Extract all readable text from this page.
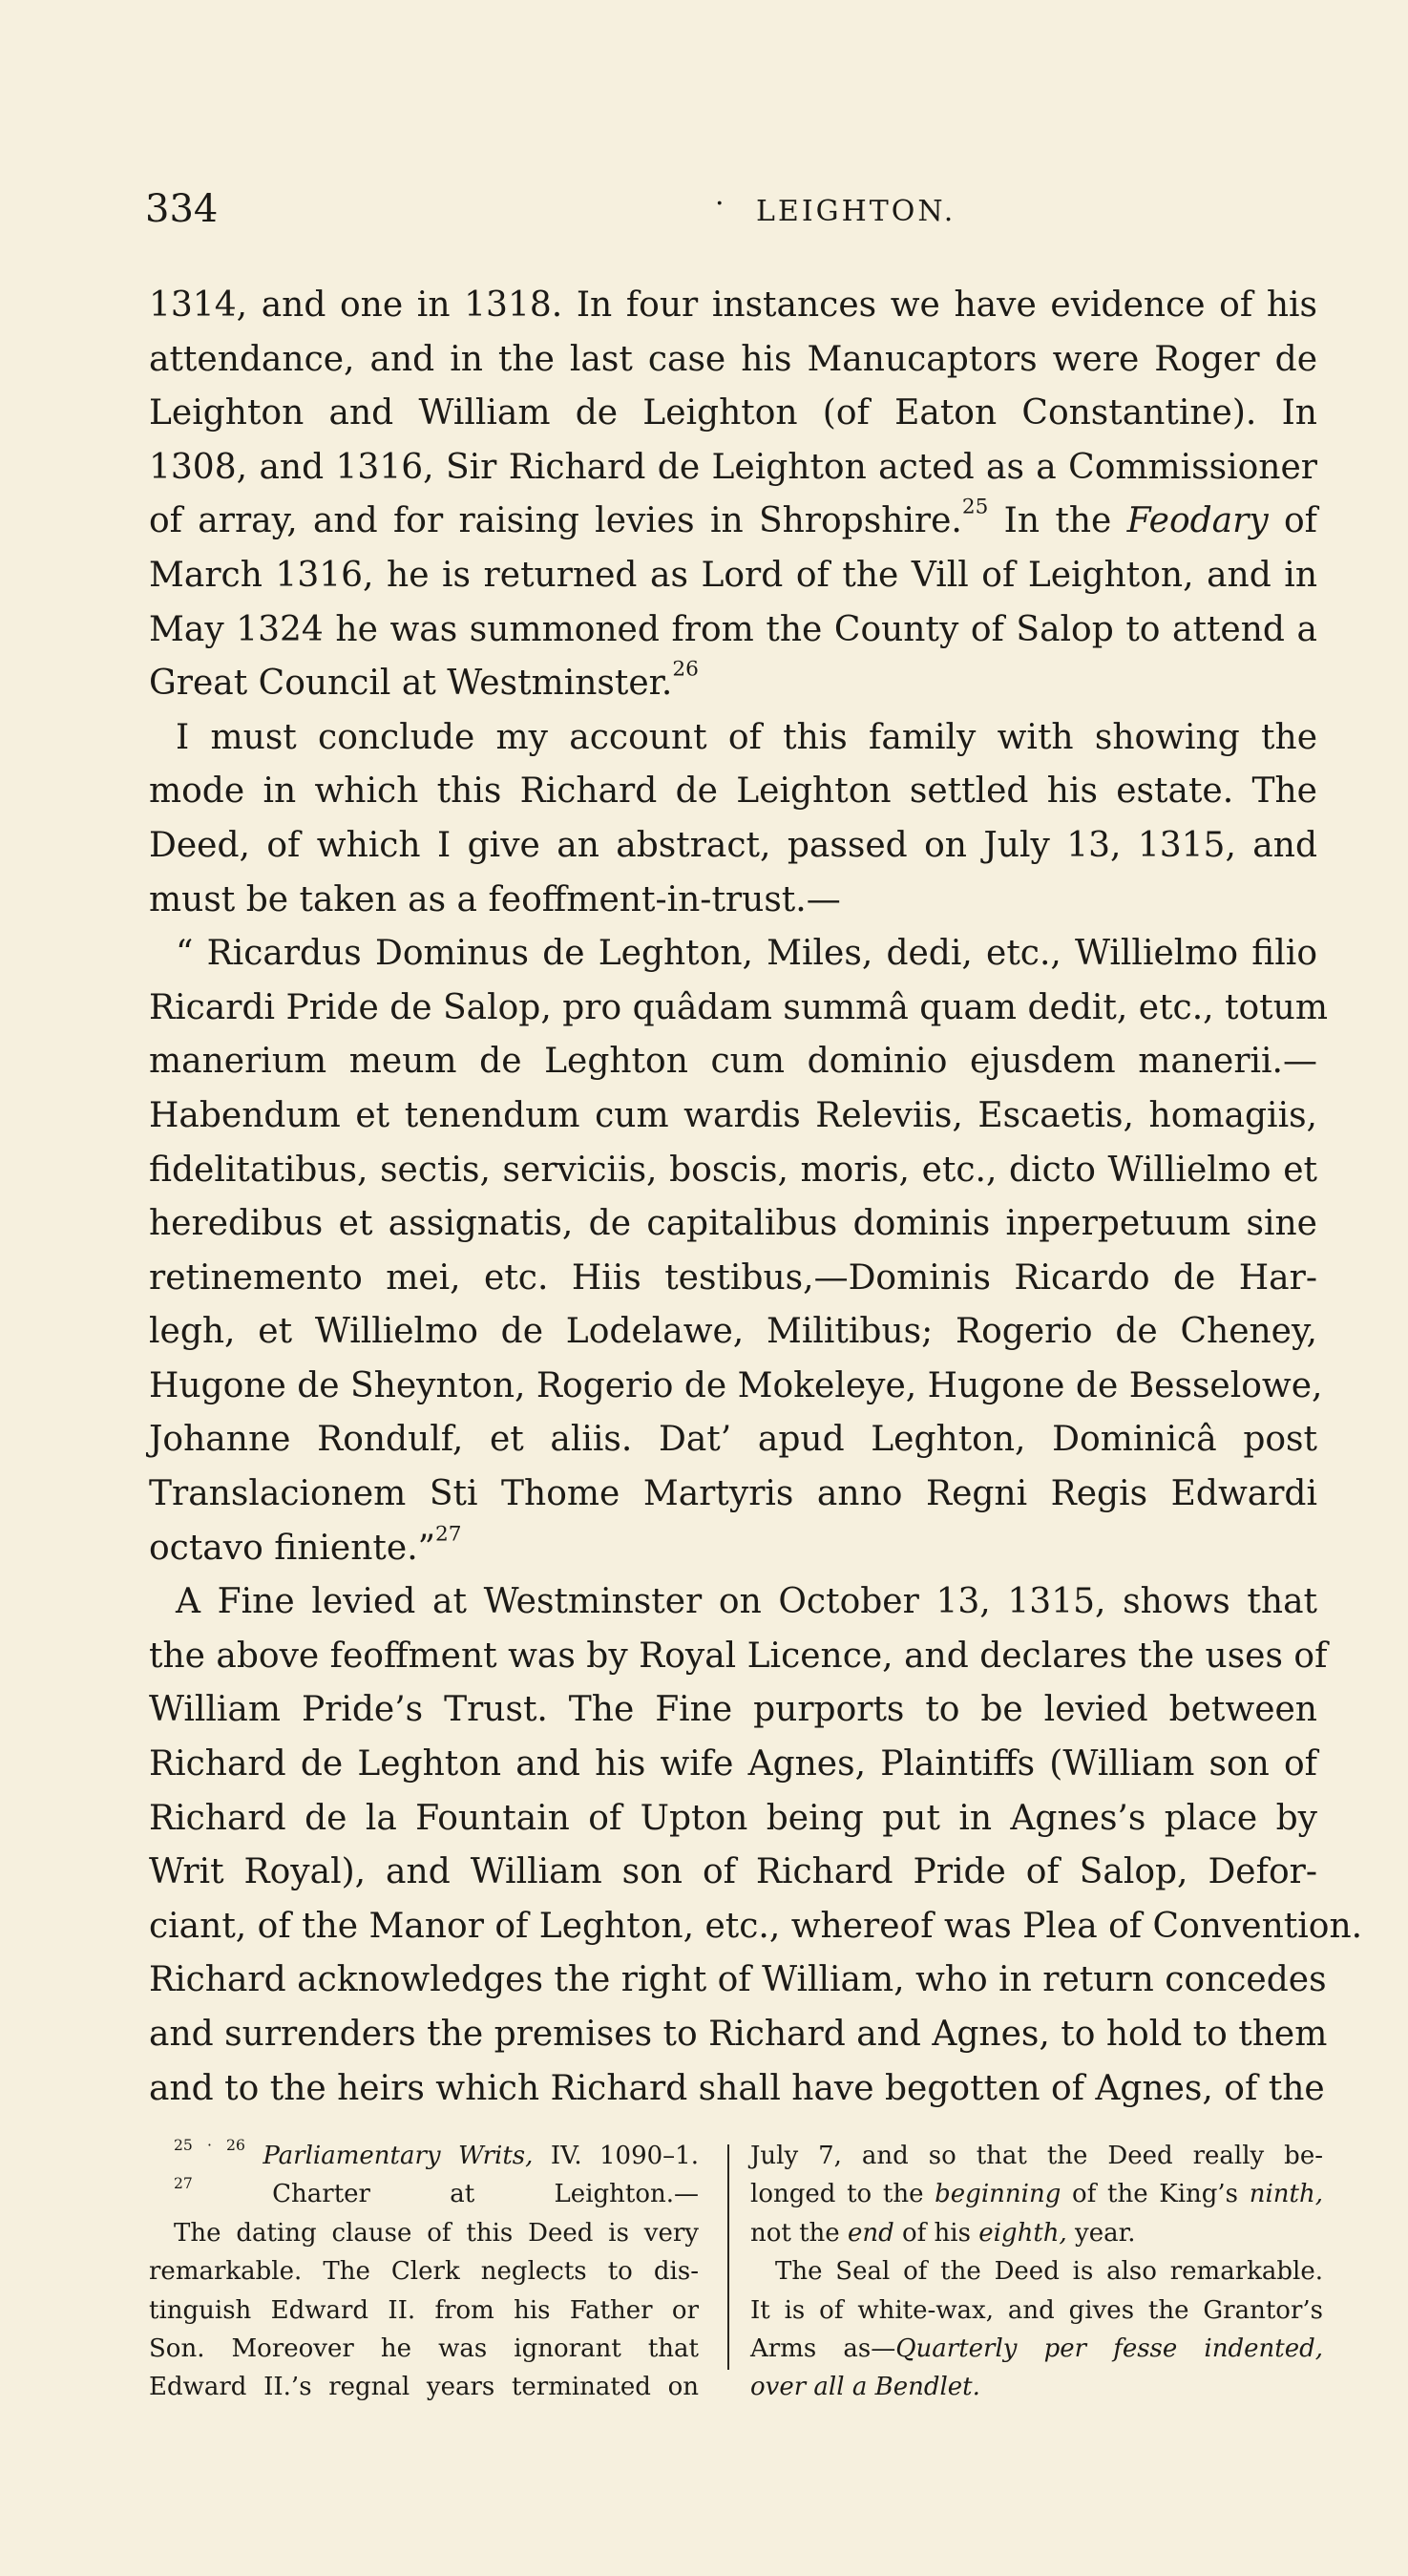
334	· LEIGHTON.

1314, and one in 1318. In four instances we have evidence of his
attendance, and in the last case his Manucaptors were Roger de
Leighton and William de Leighton (of Eaton Constantine). In
1308, and 1316, Sir Richard de Leighton acted as a Commissioner
of array, and for raising levies in Shropshire.$^{25}$ In the Feodary of
March 1316, he is returned as Lord of the Vill of Leighton, and in
May 1324 he was summoned from the County of Salop to attend a
Great Council at Westminster.$^{26}$

I must conclude my account of this family with showing the
mode in which this Richard de Leighton settled his estate. The
Deed, of which I give an abstract, passed on July 13, 1315, and
must be taken as a feoffment-in-trust.—

“ Ricardus Dominus de Leghton, Miles, dedi, etc., Willielmo filio
Ricardi Pride de Salop, pro quâdam summâ quam dedit, etc., totum
manerium meum de Leghton cum dominio ejusdem manerii.—
Habendum et tenendum cum wardis Releviis, Escaetis, homagiis,
fidelitatibus, sectis, serviciis, boscis, moris, etc., dicto Willielmo et
heredibus et assignatis, de capitalibus dominis inperpetuum sine
retinemento mei, etc. Hiis testibus,—Dominis Ricardo de Har-
legh, et Willielmo de Lodelawe, Militibus; Rogerio de Cheney,
Hugone de Sheynton, Rogerio de Mokeleye, Hugone de Besselowe,
Johanne Rondulf, et aliis. Dat’ apud Leghton, Dominicâ post
Translacionem Sti Thome Martyris anno Regni Regis Edwardi
octavo finiente.”$^{27}$

A Fine levied at Westminster on October 13, 1315, shows that
the above feoffment was by Royal Licence, and declares the uses of
William Pride’s Trust. The Fine purports to be levied between
Richard de Leghton and his wife Agnes, Plaintiffs (William son of
Richard de la Fountain of Upton being put in Agnes’s place by
Writ Royal), and William son of Richard Pride of Salop, Defor-
ciant, of the Manor of Leghton, etc., whereof was Plea of Convention.
Richard acknowledges the right of William, who in return concedes
and surrenders the premises to Richard and Agnes, to hold to them
and to the heirs which Richard shall have begotten of Agnes, of the

$^{25 \cdot 26}$ Parliamentary Writs, IV. 1090–1.
$^{27}$	Charter at Leighton.—
The dating clause of this Deed is very
remarkable. The Clerk neglects to dis-
tinguish Edward II. from his Father or
Son. Moreover he was ignorant that
Edward II.’s regnal years terminated on
July 7, and so that the Deed really be-
longed to the beginning of the King’s ninth,
not the end of his eighth, year.
The Seal of the Deed is also remarkable.
It is of white-wax, and gives the Grantor’s
Arms as—Quarterly per fesse indented,
over all a Bendlet.
